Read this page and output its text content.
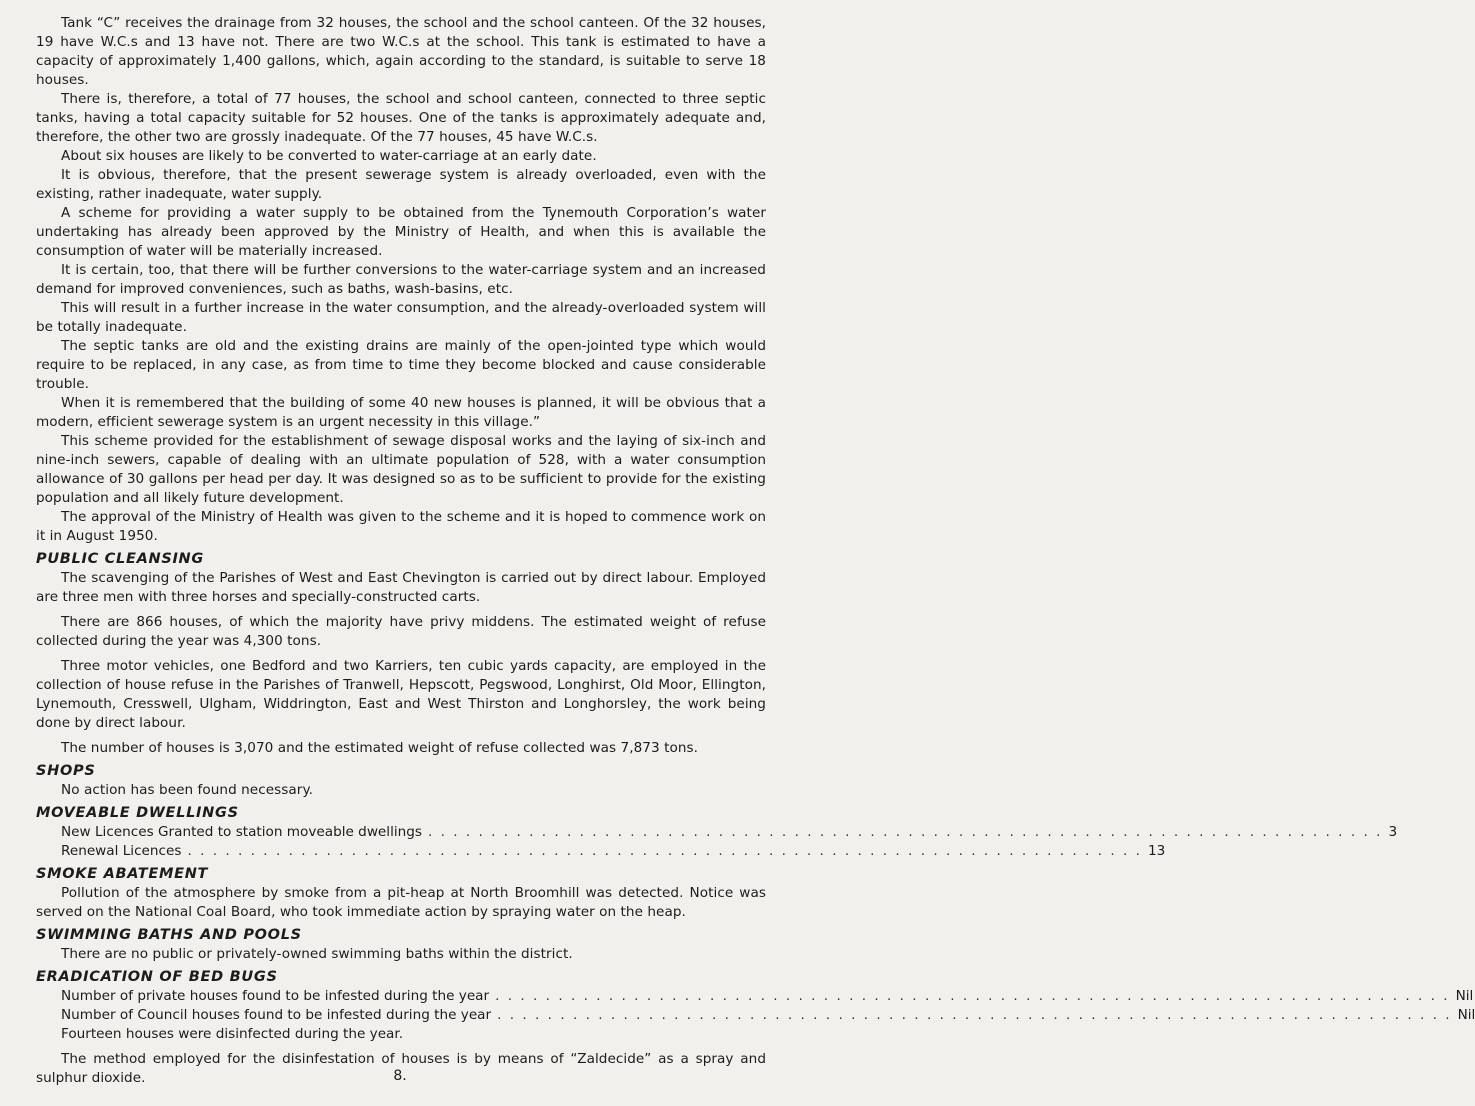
Tank “C” receives the drainage from 32 houses, the school and the school canteen. Of the 32 houses, 19 have W.C.s and 13 have not. There are two W.C.s at the school. This tank is estimated to have a capacity of approximately 1,400 gallons, which, again according to the standard, is suitable to serve 18 houses.

There is, therefore, a total of 77 houses, the school and school canteen, connected to three septic tanks, having a total capacity suitable for 52 houses. One of the tanks is approximately adequate and, therefore, the other two are grossly inadequate. Of the 77 houses, 45 have W.C.s.

About six houses are likely to be converted to water-carriage at an early date.

It is obvious, therefore, that the present sewerage system is already overloaded, even with the existing, rather inadequate, water supply.

A scheme for providing a water supply to be obtained from the Tynemouth Corporation’s water undertaking has already been approved by the Ministry of Health, and when this is available the consumption of water will be materially increased.

It is certain, too, that there will be further conversions to the water-carriage system and an increased demand for improved conveniences, such as baths, wash-basins, etc.

This will result in a further increase in the water consumption, and the already-overloaded system will be totally inadequate.

The septic tanks are old and the existing drains are mainly of the open-jointed type which would require to be replaced, in any case, as from time to time they become blocked and cause considerable trouble.

When it is remembered that the building of some 40 new houses is planned, it will be obvious that a modern, efficient sewerage system is an urgent necessity in this village.”

This scheme provided for the establishment of sewage disposal works and the laying of six-inch and nine-inch sewers, capable of dealing with an ultimate population of 528, with a water consumption allowance of 30 gallons per head per day. It was designed so as to be sufficient to provide for the existing population and all likely future development.

The approval of the Ministry of Health was given to the scheme and it is hoped to commence work on it in August 1950.

PUBLIC CLEANSING

The scavenging of the Parishes of West and East Chevington is carried out by direct labour. Employed are three men with three horses and specially-constructed carts.

There are 866 houses, of which the majority have privy middens. The estimated weight of refuse collected during the year was 4,300 tons.

Three motor vehicles, one Bedford and two Karriers, ten cubic yards capacity, are employed in the collection of house refuse in the Parishes of Tranwell, Hepscott, Pegswood, Longhirst, Old Moor, Ellington, Lynemouth, Cresswell, Ulgham, Widdrington, East and West Thirston and Longhorsley, the work being done by direct labour.

The number of houses is 3,070 and the estimated weight of refuse collected was 7,873 tons.

SHOPS

No action has been found necessary.

MOVEABLE DWELLINGS
New Licences Granted to station moveable dwellings . . . . . . . . . . . . . . . . . . . . . . . . . . . . . . . . . . . . . . . . . . . . . . . . . . . . . . . . . . . . . . . . . . . . . . . . . . . . 3
Renewal Licences . . . . . . . . . . . . . . . . . . . . . . . . . . . . . . . . . . . . . . . . . . . . . . . . . . . . . . . . . . . . . . . . . . . . . . . . . . . . 13
SMOKE ABATEMENT

Pollution of the atmosphere by smoke from a pit-heap at North Broomhill was detected. Notice was served on the National Coal Board, who took immediate action by spraying water on the heap.

SWIMMING BATHS AND POOLS

There are no public or privately-owned swimming baths within the district.

ERADICATION OF BED BUGS
Number of private houses found to be infested during the year . . . . . . . . . . . . . . . . . . . . . . . . . . . . . . . . . . . . . . . . . . . . . . . . . . . . . . . . . . . . . . . . . . . . . . . . . . . . Nil
Number of Council houses found to be infested during the year . . . . . . . . . . . . . . . . . . . . . . . . . . . . . . . . . . . . . . . . . . . . . . . . . . . . . . . . . . . . . . . . . . . . . . . . . . . . Nil
Fourteen houses were disinfected during the year.

The method employed for the disinfestation of houses is by means of “Zaldecide” as a spray and sulphur dioxide.	8.
